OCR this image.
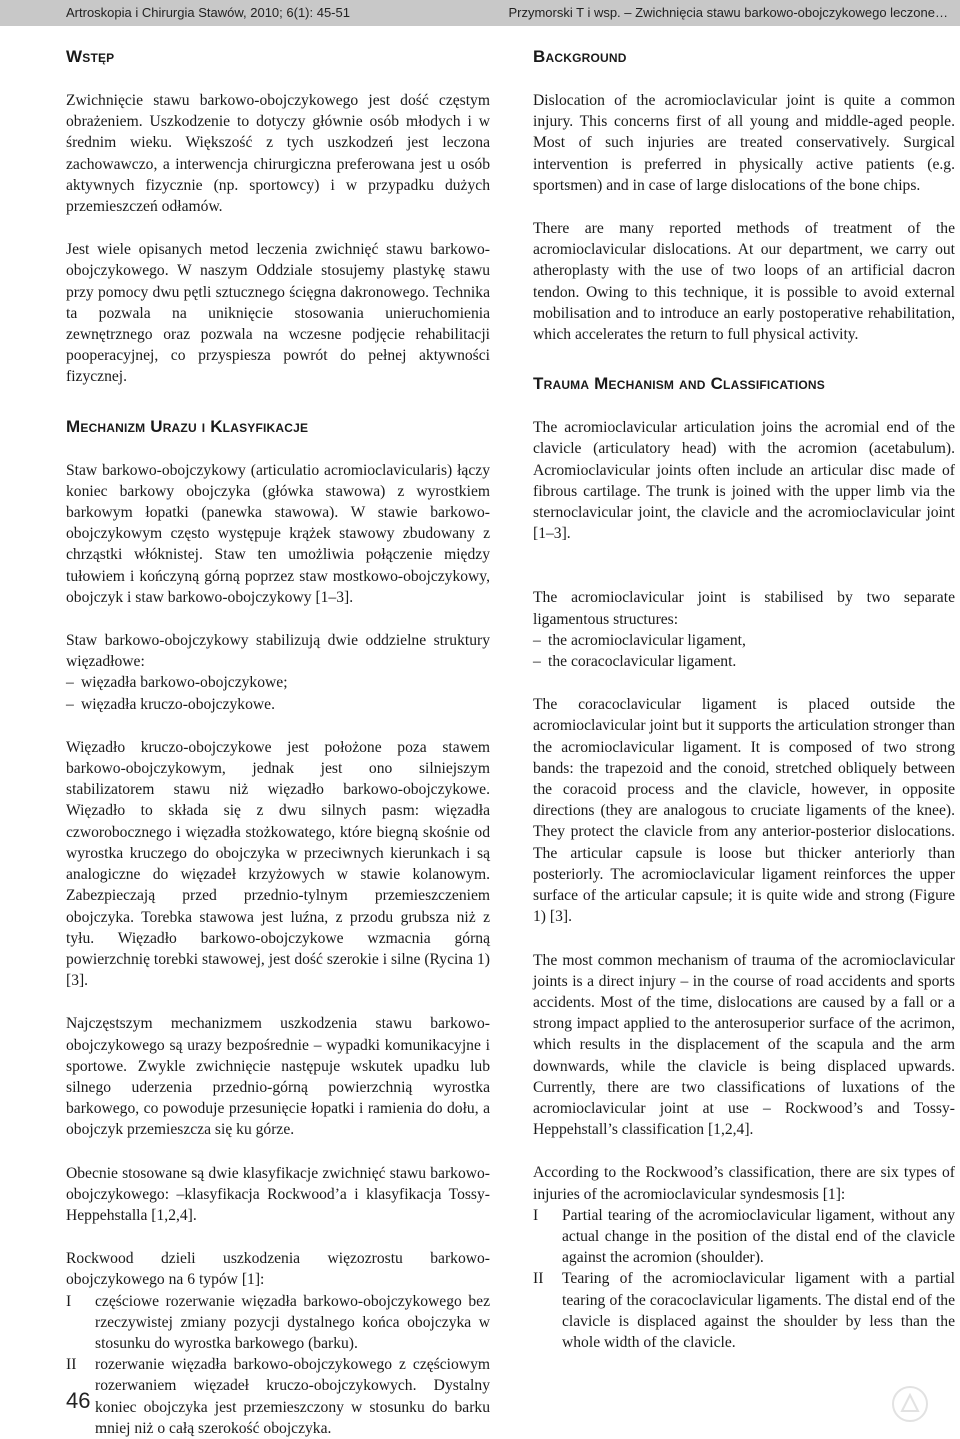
Artroskopia i Chirurgia Stawów, 2010; 6(1): 45-51	Przymorski T i wsp. – Zwichnięcia stawu barkowo-obojczykowego leczone…
Wstęp

Zwichnięcie stawu barkowo-obojczykowego jest dość częstym obrażeniem. Uszkodzenie to dotyczy głównie osób młodych i w średnim wieku. Większość z tych uszkodzeń jest leczona zachowawczo, a interwencja chirurgiczna preferowana jest u osób aktywnych fizycznie (np. sportowcy) i w przypadku dużych przemieszczeń odłamów.

Jest wiele opisanych metod leczenia zwichnięć stawu barkowo-obojczykowego. W naszym Oddziale stosujemy plastykę stawu przy pomocy dwu pętli sztucznego ścięgna dakronowego. Technika ta pozwala na uniknięcie stosowania unieruchomienia zewnętrznego oraz pozwala na wczesne podjęcie rehabilitacji pooperacyjnej, co przyspiesza powrót do pełnej aktywności fizycznej.

Mechanizm Urazu i Klasyfikacje

Staw barkowo-obojczykowy (articulatio acromioclavicularis) łączy koniec barkowy obojczyka (główka stawowa) z wyrostkiem barkowym łopatki (panewka stawowa). W stawie barkowo-obojczykowym często występuje krążek stawowy zbudowany z chrząstki włóknistej. Staw ten umożliwia połączenie między tułowiem i kończyną górną poprzez staw mostkowo-obojczykowy, obojczyk i staw barkowo-obojczykowy [1–3].

Staw barkowo-obojczykowy stabilizują dwie oddzielne struktury więzadłowe:

– więzadła barkowo-obojczykowe;
– więzadła kruczo-obojczykowe.

Więzadło kruczo-obojczykowe jest położone poza stawem barkowo-obojczykowym, jednak jest ono silniejszym stabilizatorem stawu niż więzadło barkowo-obojczykowe. Więzadło to składa się z dwu silnych pasm: więzadła czworobocznego i więzadła stożkowatego, które biegną skośnie od wyrostka kruczego do obojczyka w przeciwnych kierunkach i są analogiczne do więzadeł krzyżowych w stawie kolanowym. Zabezpieczają przed przednio-tylnym przemieszczeniem obojczyka. Torebka stawowa jest luźna, z przodu grubsza niż z tyłu. Więzadło barkowo-obojczykowe wzmacnia górną powierzchnię torebki stawowej, jest dość szerokie i silne (Rycina 1) [3].

Najczęstszym mechanizmem uszkodzenia stawu barkowo-obojczykowego są urazy bezpośrednie – wypadki komunikacyjne i sportowe. Zwykle zwichnięcie następuje wskutek upadku lub silnego uderzenia przednio-górną powierzchnią wyrostka barkowego, co powoduje przesunięcie łopatki i ramienia do dołu, a obojczyk przemieszcza się ku górze.

Obecnie stosowane są dwie klasyfikacje zwichnięć stawu barkowo-obojczykowego: –klasyfikacja Rockwood’a i klasyfikacja Tossy-Heppehstalla [1,2,4].

Rockwood dzieli uszkodzenia więzozrostu barkowo-obojczykowego na 6 typów [1]:

I częściowe rozerwanie więzadła barkowo-obojczykowego bez rzeczywistej zmiany pozycji dystalnego końca obojczyka w stosunku do wyrostka barkowego (barku).
II rozerwanie więzadła barkowo-obojczykowego z częściowym rozerwaniem więzadeł kruczo-obojczykowych. Dystalny koniec obojczyka jest przemieszczony w stosunku do barku mniej niż o całą szerokość obojczyka.
Background

Dislocation of the acromioclavicular joint is quite a common injury. This concerns first of all young and middle-aged people. Most of such injuries are treated conservatively. Surgical intervention is preferred in physically active patients (e.g. sportsmen) and in case of large dislocations of the bone chips.

There are many reported methods of treatment of the acromioclavicular dislocations. At our department, we carry out atheroplasty with the use of two loops of an artificial dacron tendon. Owing to this technique, it is possible to avoid external mobilisation and to introduce an early postoperative rehabilitation, which accelerates the return to full physical activity.

Trauma Mechanism and Classifications

The acromioclavicular articulation joins the acromial end of the clavicle (articulatory head) with the acromion (acetabulum). Acromioclavicular joints often include an articular disc made of fibrous cartilage. The trunk is joined with the upper limb via the sternoclavicular joint, the clavicle and the acromioclavicular joint [1–3].

The acromioclavicular joint is stabilised by two separate ligamentous structures:

– the acromioclavicular ligament,
– the coracoclavicular ligament.

The coracoclavicular ligament is placed outside the acromioclavicular joint but it supports the articulation stronger than the acromioclavicular ligament. It is composed of two strong bands: the trapezoid and the conoid, stretched obliquely between the coracoid process and the clavicle, however, in opposite directions (they are analogous to cruciate ligaments of the knee). They protect the clavicle from any anterior-posterior dislocations. The articular capsule is loose but thicker anteriorly than posteriorly. The acromioclavicular ligament reinforces the upper surface of the articular capsule; it is quite wide and strong (Figure 1) [3].

The most common mechanism of trauma of the acromioclavicular joints is a direct injury – in the course of road accidents and sports accidents. Most of the time, dislocations are caused by a fall or a strong impact applied to the anterosuperior surface of the acrimon, which results in the displacement of the scapula and the arm downwards, while the clavicle is being displaced upwards. Currently, there are two classifications of luxations of the acromioclavicular joint at use – Rockwood’s and Tossy-Heppehstall’s classification [1,2,4].

According to the Rockwood’s classification, there are six types of injuries of the acromioclavicular syndesmosis [1]:

I Partial tearing of the acromioclavicular ligament, without any actual change in the position of the distal end of the clavicle against the acromion (shoulder).
II Tearing of the acromioclavicular ligament with a partial tearing of the coracoclavicular ligaments. The distal end of the clavicle is displaced against the shoulder by less than the whole width of the clavicle.
46
